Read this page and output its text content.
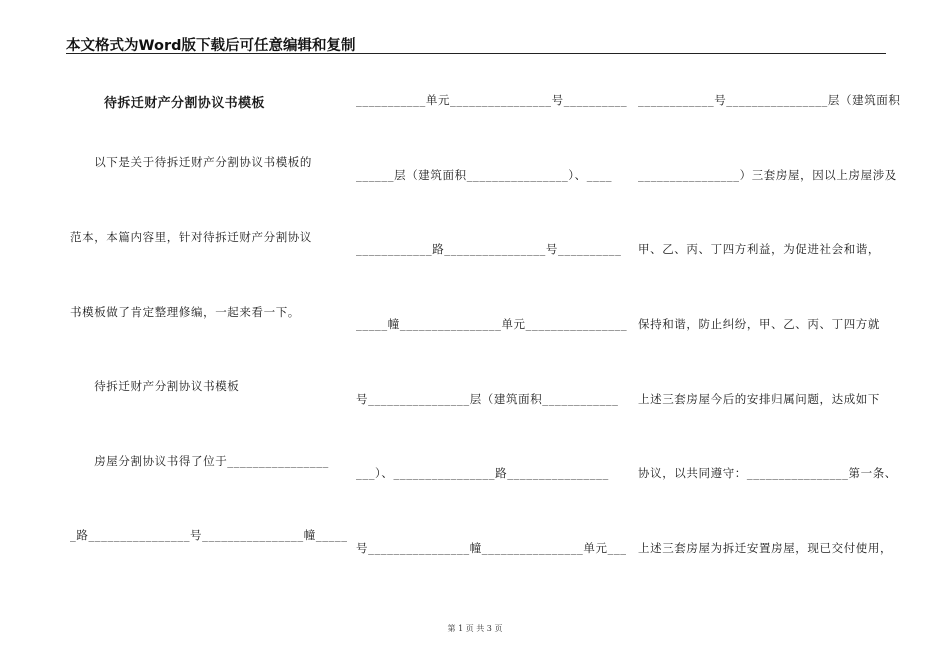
本文格式为Word版下载后可任意编辑和复制
待拆迁财产分割协议书模板
　　以下是关于待拆迁财产分割协议书模板的
范本，本篇内容里，针对待拆迁财产分割协议
书模板做了肯定整理修编，一起来看一下。
　　待拆迁财产分割协议书模板
　　房屋分割协议书得了位于________________
_路________________号________________幢_____
___________单元________________号__________
______层（建筑面积________________）、____
____________路________________号__________
_____幢________________单元________________
号________________层（建筑面积____________
___）、________________路________________
号________________幢________________单元___
____________号________________层（建筑面积
________________）三套房屋，因以上房屋涉及
甲、乙、丙、丁四方利益，为促进社会和谐，
保持和谐，防止纠纷，甲、乙、丙、丁四方就
上述三套房屋今后的安排归属问题，达成如下
协议，以共同遵守：________________第一条、
上述三套房屋为拆迁安置房屋，现已交付使用，
第 1 页 共 3 页
